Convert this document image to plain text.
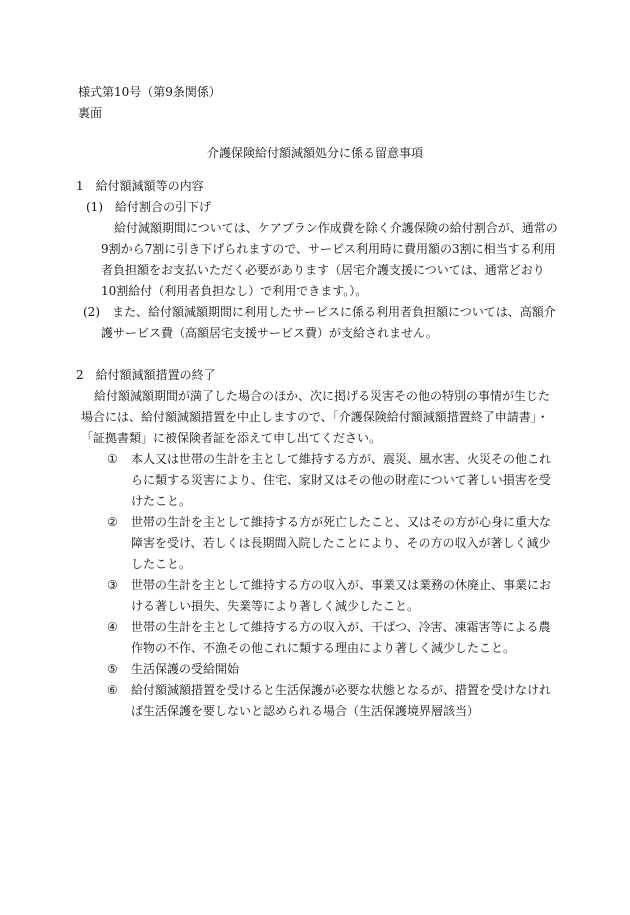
様式第10号（第9条関係）
裏面
介護保険給付額減額処分に係る留意事項

1　給付額減額等の内容

(1)　給付割合の引下げ

給付減額期間については、ケアプラン作成費を除く介護保険の給付割合が、通常の9割から7割に引き下げられますので、サービス利用時に費用額の3割に相当する利用者負担額をお支払いただく必要があります（居宅介護支援については、通常どおり10割給付（利用者負担なし）で利用できます。）。

(2)　また、給付額減額期間に利用したサービスに係る利用者負担額については、高額介護サービス費（高額居宅支援サービス費）が支給されません。

2　給付額減額措置の終了

給付額減額期間が満了した場合のほか、次に掲げる災害その他の特別の事情が生じた場合には、給付額減額措置を中止しますので、「介護保険給付額減額措置終了申請書」・「証拠書類」に被保険者証を添えて申し出てください。

①	本人又は世帯の生計を主として維持する方が、震災、風水害、火災その他これらに類する災害により、住宅、家財又はその他の財産について著しい損害を受けたこと。
②	世帯の生計を主として維持する方が死亡したこと、又はその方が心身に重大な障害を受け、若しくは長期間入院したことにより、その方の収入が著しく減少したこと。
③	世帯の生計を主として維持する方の収入が、事業又は業務の休廃止、事業における著しい損失、失業等により著しく減少したこと。
④	世帯の生計を主として維持する方の収入が、干ばつ、冷害、凍霜害等による農作物の不作、不漁その他これに類する理由により著しく減少したこと。
⑤	生活保護の受給開始
⑥	給付額減額措置を受けると生活保護が必要な状態となるが、措置を受けなければ生活保護を要しないと認められる場合（生活保護境界層該当）
